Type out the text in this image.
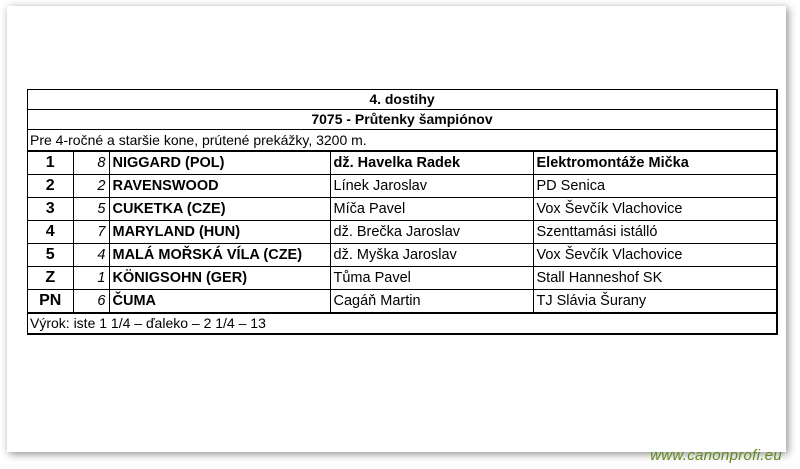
4. dostihy
7075 - Průtenky šampiónov
Pre 4-ročné a staršie kone, prútené prekážky, 3200 m.
1	8	NIGGARD (POL)	dž. Havelka Radek	Elektromontáže Mička
2	2	RAVENSWOOD	Línek Jaroslav	PD Senica
3	5	CUKETKA (CZE)	Míča Pavel	Vox Ševčík Vlachovice
4	7	MARYLAND (HUN)	dž. Brečka Jaroslav	Szenttamási istálló
5	4	MALÁ MOŘSKÁ VÍLA (CZE)	dž. Myška Jaroslav	Vox Ševčík Vlachovice
Z	1	KÖNIGSOHN (GER)	Tůma Pavel	Stall Hanneshof SK
PN	6	ČUMA	Cagáň Martin	TJ Slávia Šurany
Výrok: iste 1 1/4 – ďaleko – 2 1/4 – 13
www.canonprofi.eu
